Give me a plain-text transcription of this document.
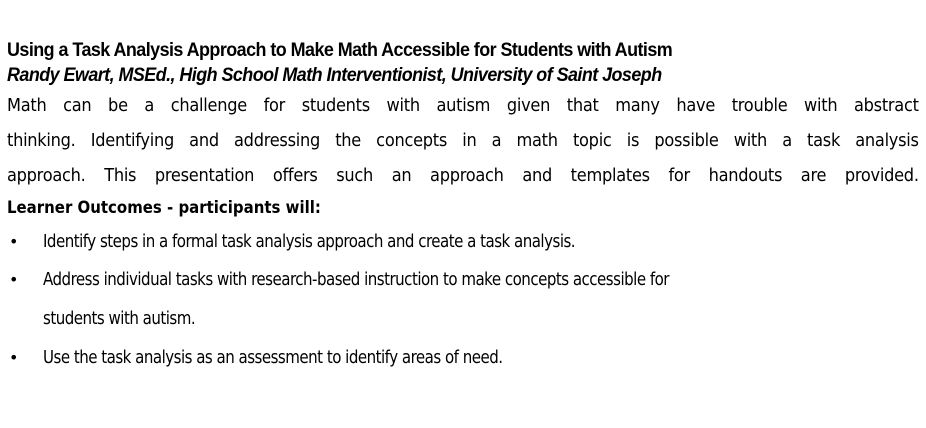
Using a Task Analysis Approach to Make Math Accessible for Students with Autism
Randy Ewart, MSEd., High School Math Interventionist, University of Saint Joseph
Math can be a challenge for students with autism given that many have trouble with abstract
thinking. Identifying and addressing the concepts in a math topic is possible with a task analysis
approach. This presentation offers such an approach and templates for handouts are provided.
Learner Outcomes - participants will:
• Identify steps in a formal task analysis approach and create a task analysis.
• Address individual tasks with research-based instruction to make concepts accessible for
students with autism.
• Use the task analysis as an assessment to identify areas of need.
